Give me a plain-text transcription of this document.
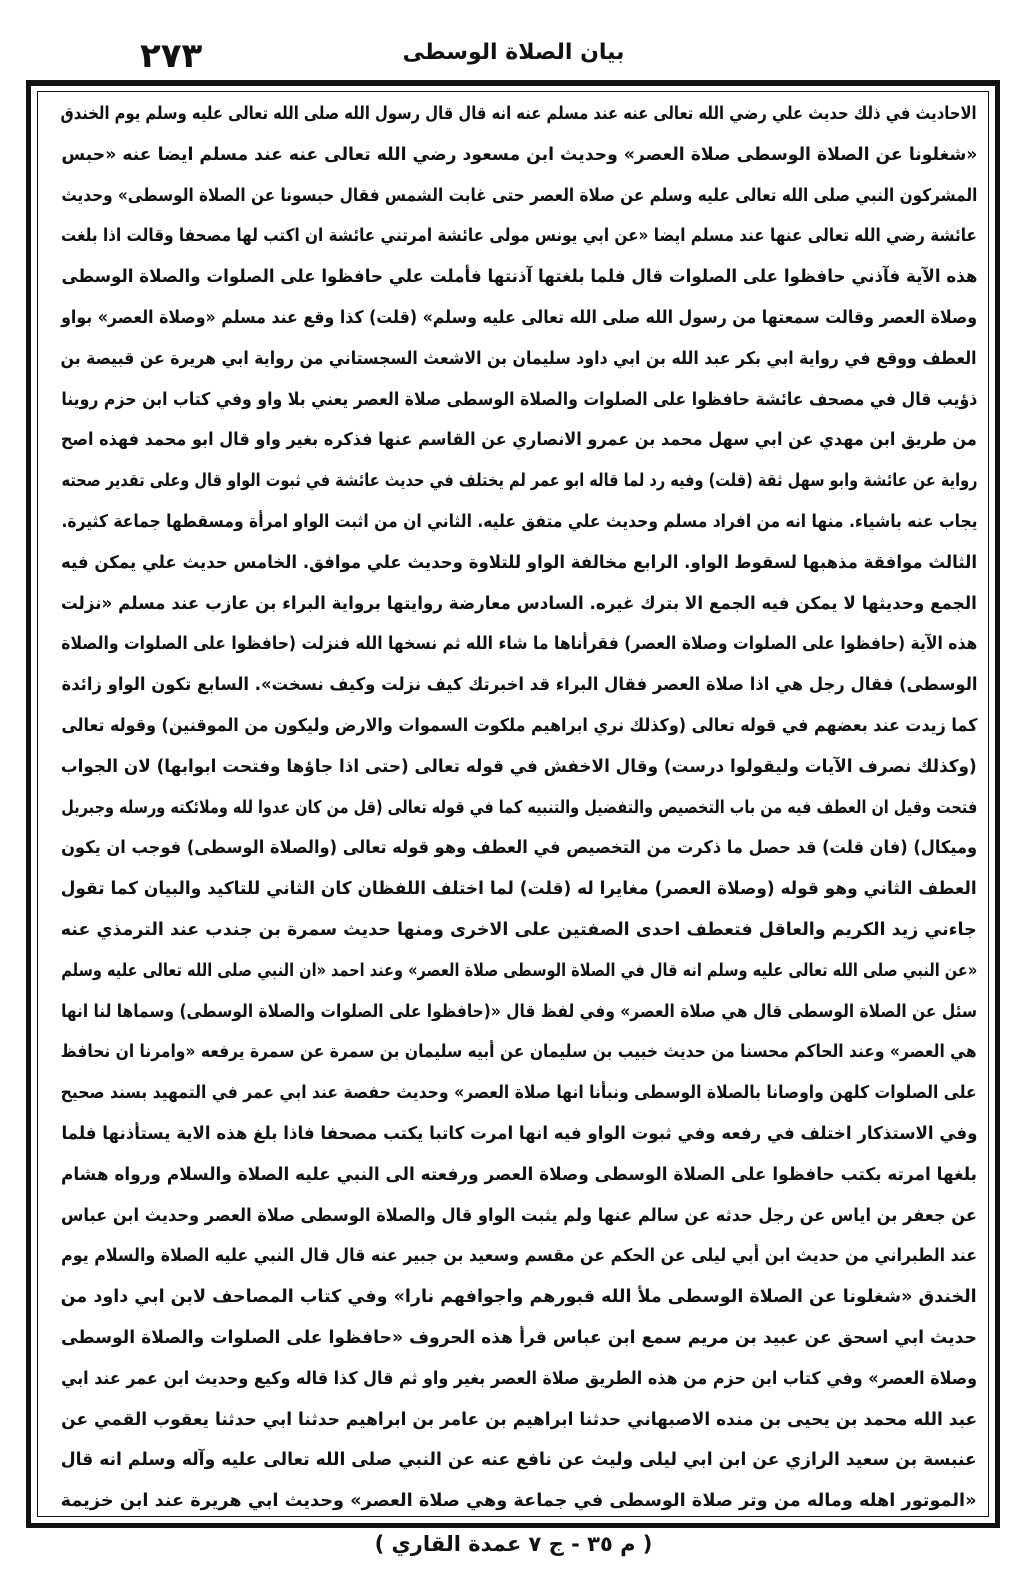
٢٧٣	بيان الصلاة الوسطى
الاحاديث في ذلك حديث علي رضي الله تعالى عنه عند مسلم عنه انه قال قال رسول الله صلى الله تعالى عليه وسلم يوم الخندق
«شغلونا عن الصلاة الوسطى صلاة العصر» وحديث ابن مسعود رضي الله تعالى عنه عند مسلم ايضا عنه «حبس
المشركون النبي صلى الله تعالى عليه وسلم عن صلاة العصر حتى غابت الشمس فقال حبسونا عن الصلاة الوسطى» وحديث
عائشة رضي الله تعالى عنها عند مسلم ايضا «عن ابي يونس مولى عائشة امرتني عائشة ان اكتب لها مصحفا وقالت اذا بلغت
هذه الآية فآذني حافظوا على الصلوات قال فلما بلغتها آذنتها فأملت علي حافظوا على الصلوات والصلاة الوسطى
وصلاة العصر وقالت سمعتها من رسول الله صلى الله تعالى عليه وسلم» (قلت) كذا وقع عند مسلم «وصلاة العصر» بواو
العطف ووقع في رواية ابي بكر عبد الله بن ابي داود سليمان بن الاشعث السجستاني من رواية ابي هريرة عن قبيصة بن
ذؤيب قال في مصحف عائشة حافظوا على الصلوات والصلاة الوسطى صلاة العصر يعني بلا واو وفي كتاب ابن حزم روينا
من طريق ابن مهدي عن ابي سهل محمد بن عمرو الانصاري عن القاسم عنها فذكره بغير واو قال ابو محمد فهذه اصح
رواية عن عائشة وابو سهل ثقة (قلت) وفيه رد لما قاله ابو عمر لم يختلف في حديث عائشة في ثبوت الواو قال وعلى تقدير صحته
يجاب عنه باشياء. منها انه من افراد مسلم وحديث علي متفق عليه. الثاني ان من اثبت الواو امرأة ومسقطها جماعة كثيرة.
الثالث موافقة مذهبها لسقوط الواو. الرابع مخالفة الواو للتلاوة وحديث علي موافق. الخامس حديث علي يمكن فيه
الجمع وحديثها لا يمكن فيه الجمع الا بترك غيره. السادس معارضة روايتها برواية البراء بن عازب عند مسلم «نزلت
هذه الآية (حافظوا على الصلوات وصلاة العصر) فقرأناها ما شاء الله ثم نسخها الله فنزلت (حافظوا على الصلوات والصلاة
الوسطى) فقال رجل هي اذا صلاة العصر فقال البراء قد اخبرتك كيف نزلت وكيف نسخت». السابع تكون الواو زائدة
كما زيدت عند بعضهم في قوله تعالى (وكذلك نري ابراهيم ملكوت السموات والارض وليكون من الموقنين) وقوله تعالى
(وكذلك نصرف الآيات وليقولوا درست) وقال الاخفش في قوله تعالى (حتى اذا جاؤها وفتحت ابوابها) لان الجواب
فتحت وقيل ان العطف فيه من باب التخصيص والتفضيل والتنبيه كما في قوله تعالى (قل من كان عدوا لله وملائكته ورسله وجبريل
وميكال) (فان قلت) قد حصل ما ذكرت من التخصيص في العطف وهو قوله تعالى (والصلاة الوسطى) فوجب ان يكون
العطف الثاني وهو قوله (وصلاة العصر) مغايرا له (قلت) لما اختلف اللفظان كان الثاني للتاكيد والبيان كما تقول
جاءني زيد الكريم والعاقل فتعطف احدى الصفتين على الاخرى ومنها حديث سمرة بن جندب عند الترمذي عنه
«عن النبي صلى الله تعالى عليه وسلم انه قال في الصلاة الوسطى صلاة العصر» وعند احمد «ان النبي صلى الله تعالى عليه وسلم
سئل عن الصلاة الوسطى قال هي صلاة العصر» وفي لفظ قال «(حافظوا على الصلوات والصلاة الوسطى) وسماها لنا انها
هي العصر» وعند الحاكم محسنا من حديث خبيب بن سليمان عن أبيه سليمان بن سمرة عن سمرة يرفعه «وامرنا ان نحافظ
على الصلوات كلهن واوصانا بالصلاة الوسطى ونبأنا انها صلاة العصر» وحديث حفصة عند ابي عمر في التمهيد بسند صحيح
وفي الاستذكار اختلف في رفعه وفي ثبوت الواو فيه انها امرت كاتبا يكتب مصحفا فاذا بلغ هذه الاية يستأذنها فلما
بلغها امرته بكتب حافظوا على الصلاة الوسطى وصلاة العصر ورفعته الى النبي عليه الصلاة والسلام ورواه هشام
عن جعفر بن اياس عن رجل حدثه عن سالم عنها ولم يثبت الواو قال والصلاة الوسطى صلاة العصر وحديث ابن عباس
عند الطبراني من حديث ابن أبي ليلى عن الحكم عن مقسم وسعيد بن جبير عنه قال قال النبي عليه الصلاة والسلام يوم
الخندق «شغلونا عن الصلاة الوسطى ملأ الله قبورهم واجوافهم نارا» وفي كتاب المصاحف لابن ابي داود من
حديث ابي اسحق عن عبيد بن مريم سمع ابن عباس قرأ هذه الحروف «حافظوا على الصلوات والصلاة الوسطى
وصلاة العصر» وفي كتاب ابن حزم من هذه الطريق صلاة العصر بغير واو ثم قال كذا قاله وكيع وحديث ابن عمر عند ابي
عبد الله محمد بن يحيى بن منده الاصبهاني حدثنا ابراهيم بن عامر بن ابراهيم حدثنا ابي حدثنا يعقوب القمي عن
عنبسة بن سعيد الرازي عن ابن ابي ليلى وليث عن نافع عنه عن النبي صلى الله تعالى عليه وآله وسلم انه قال
«الموتور اهله وماله من وتر صلاة الوسطى في جماعة وهي صلاة العصر» وحديث ابي هريرة عند ابن خزيمة
( م ٣٥ - ج ٧ عمدة القاري )
